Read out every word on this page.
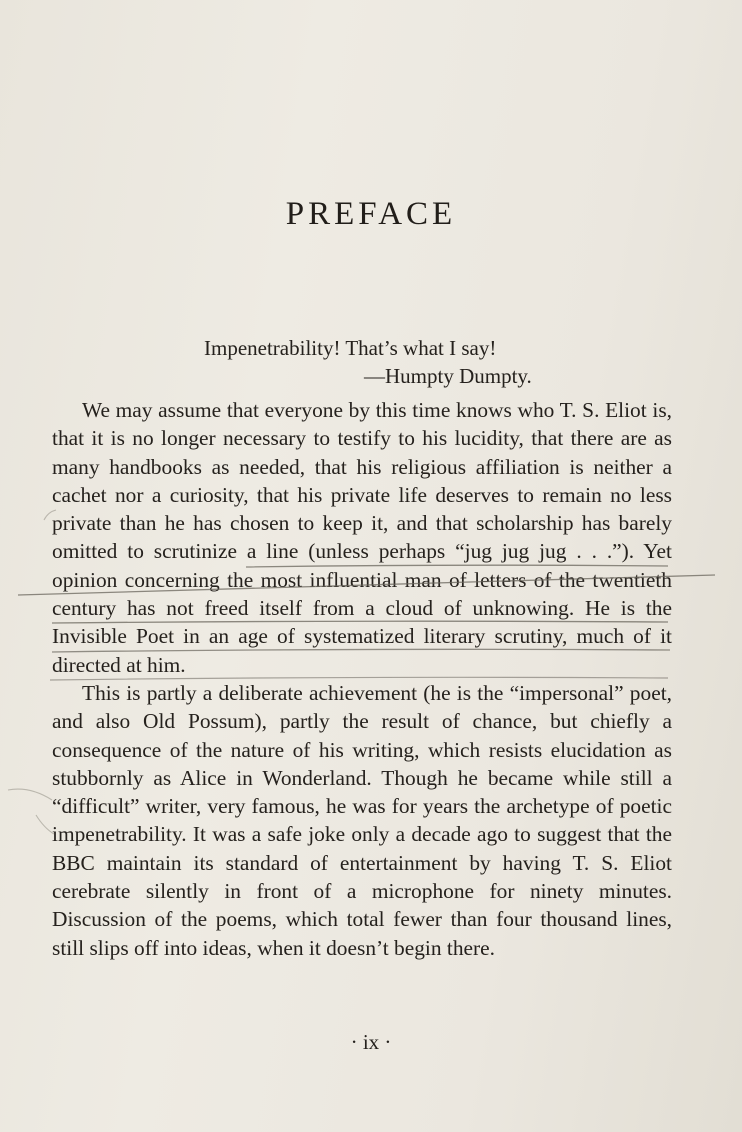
PREFACE
Impenetrability! That’s what I say!
—Humpty Dumpty.

We may assume that everyone by this time knows who T. S. Eliot is, that it is no longer necessary to testify to his lucidity, that there are as many handbooks as needed, that his religious affiliation is neither a cachet nor a curiosity, that his private life deserves to remain no less private than he has chosen to keep it, and that scholarship has barely omitted to scrutinize a line (unless perhaps “jug jug jug . . .”). Yet opinion concerning the most influential man of letters of the twentieth century has not freed itself from a cloud of unknowing. He is the Invisible Poet in an age of systematized literary scrutiny, much of it directed at him.

This is partly a deliberate achievement (he is the “impersonal” poet, and also Old Possum), partly the result of chance, but chiefly a consequence of the nature of his writing, which resists elucidation as stubbornly as Alice in Wonderland. Though he became while still a “difficult” writer, very famous, he was for years the archetype of poetic impenetrability. It was a safe joke only a decade ago to suggest that the BBC maintain its standard of entertainment by having T. S. Eliot cerebrate silently in front of a microphone for ninety minutes. Discussion of the poems, which total fewer than four thousand lines, still slips off into ideas, when it doesn’t begin there.

· ix ·
